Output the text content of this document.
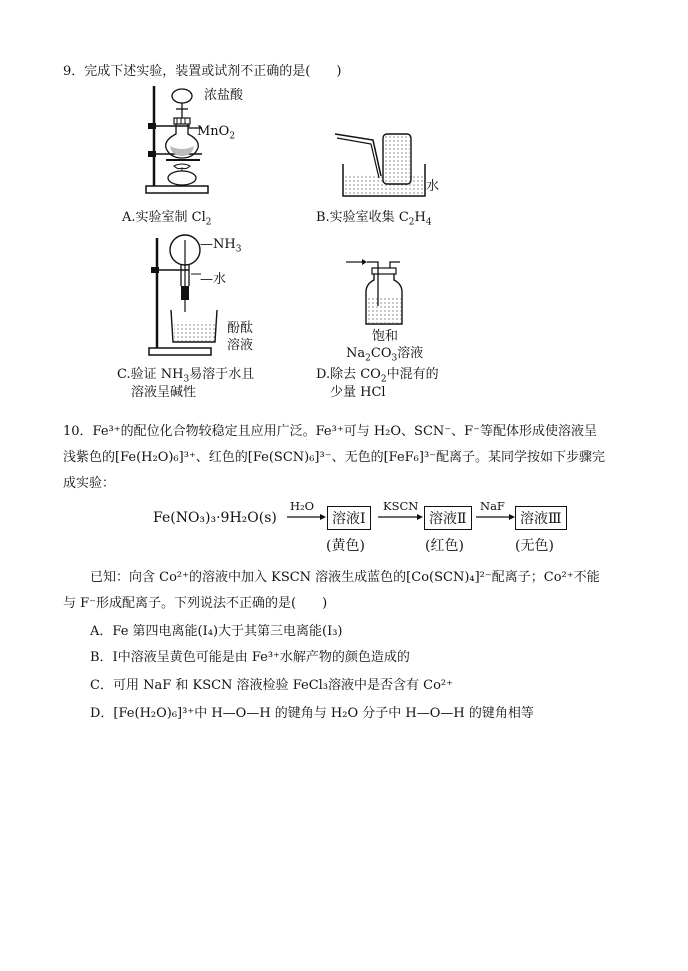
9．完成下述实验，装置或试剂不正确的是(　　)
浓盐酸
MnO$_2$
A.实验室制 $Cl_2$
水
B.实验室收集 $C_2H_4$
$—NH_3$
—水
酚酞
溶液
C.验证 $NH_3$易溶于水且
溶液呈碱性
饱和
$Na_2CO_3$溶液
D.除去 $CO_2$中混有的
少量 HCl
10．Fe³⁺的配位化合物较稳定且应用广泛。Fe³⁺可与 H₂O、SCN⁻、F⁻等配体形成使溶液呈
浅紫色的[Fe(H₂O)₆]³⁺、红色的[Fe(SCN)₆]³⁻、无色的[FeF₆]³⁻配离子。某同学按如下步骤完
成实验：
Fe(NO₃)₃·9H₂O(s)
H₂O
溶液Ⅰ
(黄色)
KSCN
溶液Ⅱ
(红色)
NaF
溶液Ⅲ
(无色)
已知：向含 Co²⁺的溶液中加入 KSCN 溶液生成蓝色的[Co(SCN)₄]²⁻配离子；Co²⁺不能
与 F⁻形成配离子。下列说法不正确的是(　　)
A．Fe 第四电离能(I₄)大于其第三电离能(I₃)
B．Ⅰ中溶液呈黄色可能是由 Fe³⁺水解产物的颜色造成的
C．可用 NaF 和 KSCN 溶液检验 FeCl₃溶液中是否含有 Co²⁺
D．[Fe(H₂O)₆]³⁺中 H—O—H 的键角与 H₂O 分子中 H—O—H 的键角相等
